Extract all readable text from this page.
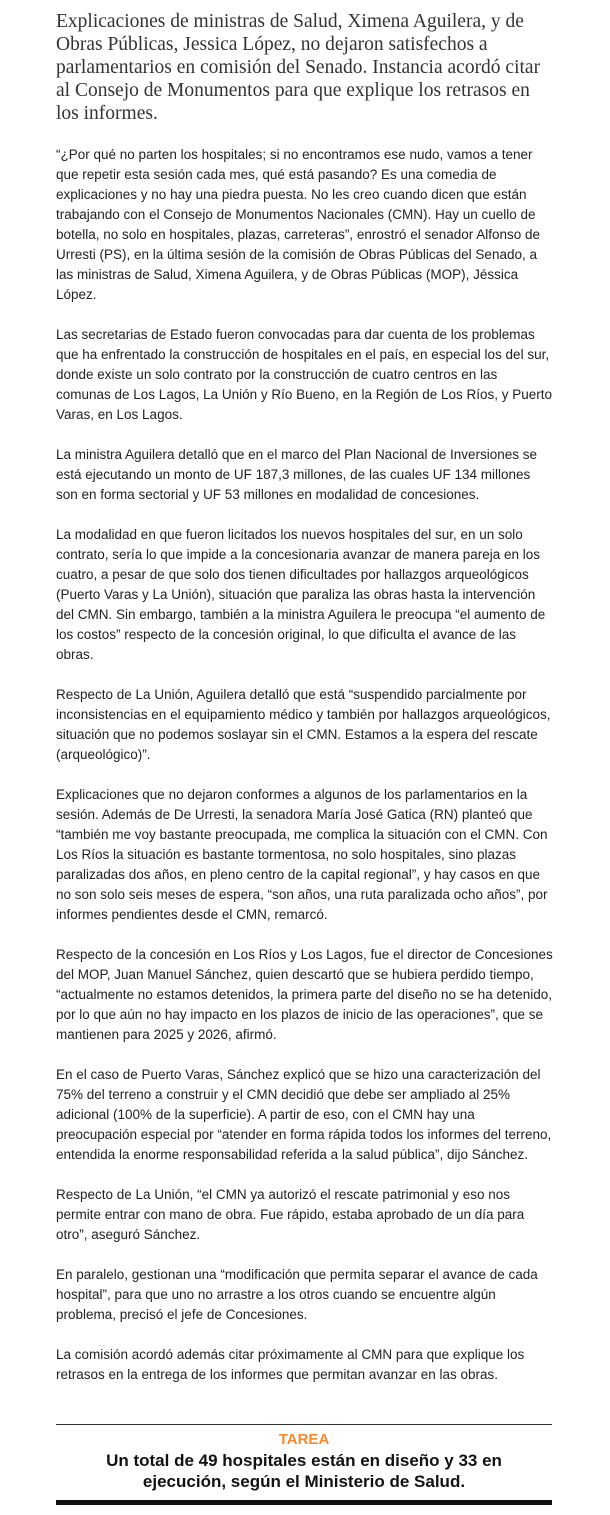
Explicaciones de ministras de Salud, Ximena Aguilera, y de Obras Públicas, Jessica López, no dejaron satisfechos a parlamentarios en comisión del Senado. Instancia acordó citar al Consejo de Monumentos para que explique los retrasos en los informes.

“¿Por qué no parten los hospitales; si no encontramos ese nudo, vamos a tener que repetir esta sesión cada mes, qué está pasando? Es una comedia de explicaciones y no hay una piedra puesta. No les creo cuando dicen que están trabajando con el Consejo de Monumentos Nacionales (CMN). Hay un cuello de botella, no solo en hospitales, plazas, carreteras”, enrostró el senador Alfonso de Urresti (PS), en la última sesión de la comisión de Obras Públicas del Senado, a las ministras de Salud, Ximena Aguilera, y de Obras Públicas (MOP), Jéssica López.

Las secretarias de Estado fueron convocadas para dar cuenta de los problemas que ha enfrentado la construcción de hospitales en el país, en especial los del sur, donde existe un solo contrato por la construcción de cuatro centros en las comunas de Los Lagos, La Unión y Río Bueno, en la Región de Los Ríos, y Puerto Varas, en Los Lagos.

La ministra Aguilera detalló que en el marco del Plan Nacional de Inversiones se está ejecutando un monto de UF 187,3 millones, de las cuales UF 134 millones son en forma sectorial y UF 53 millones en modalidad de concesiones.

La modalidad en que fueron licitados los nuevos hospitales del sur, en un solo contrato, sería lo que impide a la concesionaria avanzar de manera pareja en los cuatro, a pesar de que solo dos tienen dificultades por hallazgos arqueológicos (Puerto Varas y La Unión), situación que paraliza las obras hasta la intervención del CMN. Sin embargo, también a la ministra Aguilera le preocupa “el aumento de los costos” respecto de la concesión original, lo que dificulta el avance de las obras.

Respecto de La Unión, Aguilera detalló que está “suspendido parcialmente por inconsistencias en el equipamiento médico y también por hallazgos arqueológicos, situación que no podemos soslayar sin el CMN. Estamos a la espera del rescate (arqueológico)”.

Explicaciones que no dejaron conformes a algunos de los parlamentarios en la sesión. Además de De Urresti, la senadora María José Gatica (RN) planteó que “también me voy bastante preocupada, me complica la situación con el CMN. Con Los Ríos la situación es bastante tormentosa, no solo hospitales, sino plazas paralizadas dos años, en pleno centro de la capital regional”, y hay casos en que no son solo seis meses de espera, “son años, una ruta paralizada ocho años”, por informes pendientes desde el CMN, remarcó.

Respecto de la concesión en Los Ríos y Los Lagos, fue el director de Concesiones del MOP, Juan Manuel Sánchez, quien descartó que se hubiera perdido tiempo, “actualmente no estamos detenidos, la primera parte del diseño no se ha detenido, por lo que aún no hay impacto en los plazos de inicio de las operaciones”, que se mantienen para 2025 y 2026, afirmó.

En el caso de Puerto Varas, Sánchez explicó que se hizo una caracterización del 75% del terreno a construir y el CMN decidió que debe ser ampliado al 25% adicional (100% de la superficie). A partir de eso, con el CMN hay una preocupación especial por “atender en forma rápida todos los informes del terreno, entendida la enorme responsabilidad referida a la salud pública”, dijo Sánchez.

Respecto de La Unión, “el CMN ya autorizó el rescate patrimonial y eso nos permite entrar con mano de obra. Fue rápido, estaba aprobado de un día para otro”, aseguró Sánchez.

En paralelo, gestionan una “modificación que permita separar el avance de cada hospital”, para que uno no arrastre a los otros cuando se encuentre algún problema, precisó el jefe de Concesiones.

La comisión acordó además citar próximamente al CMN para que explique los retrasos en la entrega de los informes que permitan avanzar en las obras.

TAREA
Un total de 49 hospitales están en diseño y 33 en ejecución, según el Ministerio de Salud.
